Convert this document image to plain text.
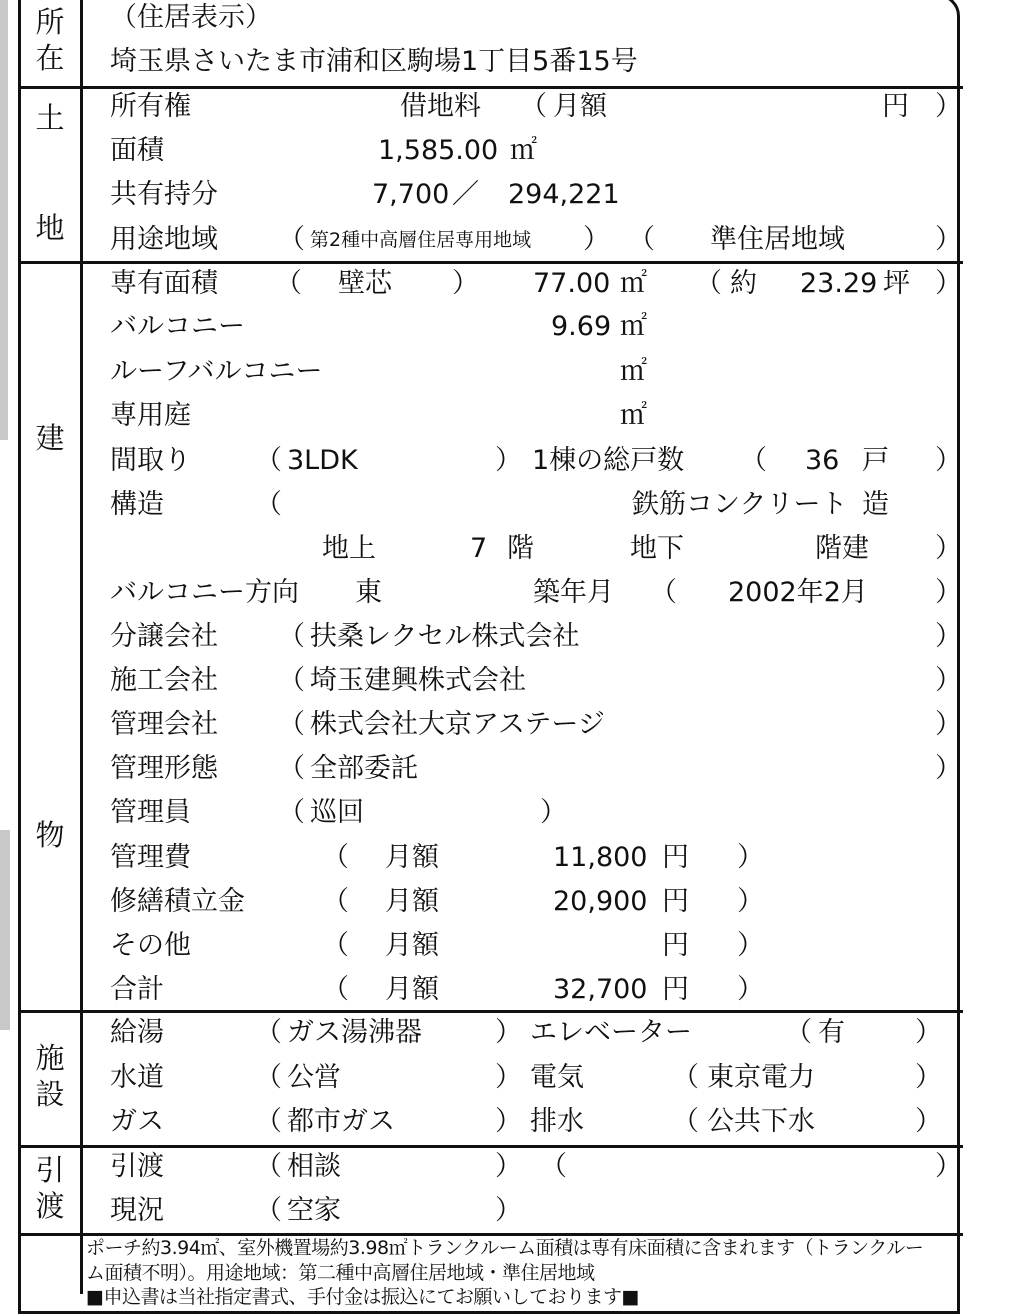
所
在
土
地
建
物
施
設
引
渡
（住居表示）
埼玉県さいたま市浦和区駒場1丁目5番15号
所有権	借地料 （ 月額	円 ）
面積	1,585.00 ㎡
共有持分	7,700 ／ 294,221
用途地域 （ 第2種中高層住居専用地域 ） （ 準住居地域	）
専有面積 （ 壁芯 ） 77.00 ㎡ （ 約 23.29 坪 ）
バルコニー	9.69 ㎡
ルーフバルコニー	㎡
専用庭	㎡
間取り （ 3LDK	） 1棟の総戸数 （ 36 戸 ）
構造	（	鉄筋コンクリート 造
地上	7 階	地下	階建 ）
バルコニー方向 東	築年月 （ 2002年2月 ）
分譲会社 （ 扶桑レクセル株式会社	）
施工会社 （ 埼玉建興株式会社	）
管理会社 （ 株式会社大京アステージ	）
管理形態 （ 全部委託	）
管理員	（ 巡回	）
管理費	（ 月額	11,800 円 ）
修繕積立金	（ 月額	20,900 円 ）
その他	（ 月額	円 ）
合計	（ 月額	32,700 円 ）
給湯	（ ガス湯沸器	） エレベーター	（ 有	）
水道	（ 公営	） 電気	（ 東京電力	）
ガス	（ 都市ガス	） 排水	（ 公共下水	）
引渡	（ 相談	） （	）
現況	（ 空家	）
ポーチ約3.94㎡、室外機置場約3.98㎡トランクルーム面積は専有床面積に含まれます（トランクルー
ム面積不明）。用途地域：第二種中高層住居地域・準住居地域
■申込書は当社指定書式、手付金は振込にてお願いしております■
